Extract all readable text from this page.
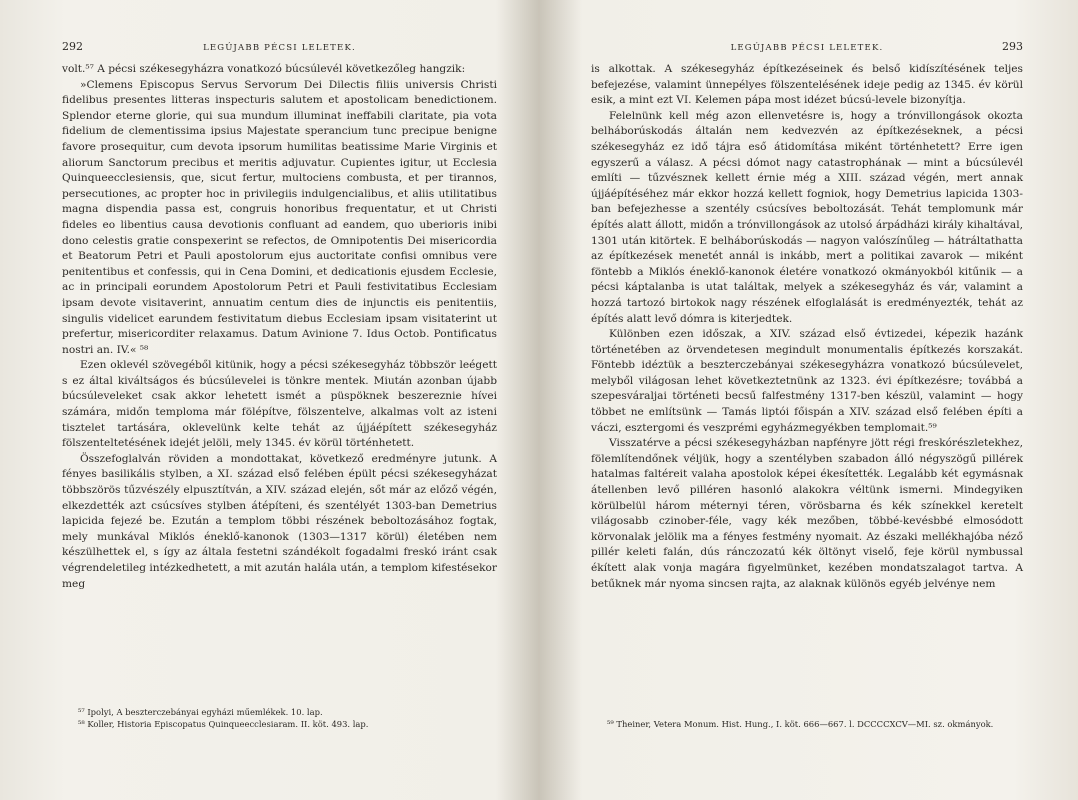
292	LEGÚJABB PÉCSI LELETEK.

volt.⁵⁷ A pécsi székesegyházra vonatkozó búcsúlevél következőleg hangzik:

»Clemens Episcopus Servus Servorum Dei Dilectis filiis universis Christi fidelibus presentes litteras inspecturis salutem et apostolicam benedictionem. Splendor eterne glorie, qui sua mundum illuminat ineffabili claritate, pia vota fidelium de clementissima ipsius Majestate sperancium tunc precipue benigne favore prosequitur, cum devota ipsorum humilitas beatissime Marie Virginis et aliorum Sanctorum precibus et meritis adjuvatur. Cupientes igitur, ut Ecclesia Quinqueecclesiensis, que, sicut fertur, multociens combusta, et per tirannos, persecutiones, ac propter hoc in privilegiis indulgencialibus, et aliis utilitatibus magna dispendia passa est, congruis honoribus frequentatur, et ut Christi fideles eo libentius causa devotionis confluant ad eandem, quo uberioris inibi dono celestis gratie conspexerint se refectos, de Omnipotentis Dei misericordia et Beatorum Petri et Pauli apostolorum ejus auctoritate confisi omnibus vere penitentibus et confessis, qui in Cena Domini, et dedicationis ejusdem Ecclesie, ac in principali eorundem Apostolorum Petri et Pauli festivitatibus Ecclesiam ipsam devote visitaverint, annuatim centum dies de injunctis eis penitentiis, singulis videlicet earundem festivitatum diebus Ecclesiam ipsam visitaterint ut prefertur, misericorditer relaxamus. Datum Avinione 7. Idus Octob. Pontificatus nostri an. IV.« ⁵⁸

Ezen oklevél szövegéből kitünik, hogy a pécsi székesegyház többször leégett s ez által kiváltságos és búcsúlevelei is tönkre mentek. Miután azonban újabb búcsúleveleket csak akkor lehetett ismét a püspöknek beszereznie hívei számára, midőn temploma már fölépítve, fölszentelve, alkalmas volt az isteni tisztelet tartására, oklevelünk kelte tehát az újjáépített székesegyház fölszenteltetésének idejét jelöli, mely 1345. év körül történhetett.

Összefoglalván röviden a mondottakat, következő eredményre jutunk. A fényes basilikális stylben, a XI. század első felében épült pécsi székesegyházat többszörös tűzvészély elpusztítván, a XIV. század elején, sőt már az előző végén, elkezdették azt csúcsíves stylben átépíteni, és szentélyét 1303-ban Demetrius lapicida fejezé be. Ezután a templom többi részének beboltozásához fogtak, mely munkával Miklós éneklő-kanonok (1303—1317 körül) életében nem készülhettek el, s így az általa festetni szándékolt fogadalmi freskó iránt csak végrendeletileg intézkedhetett, a mit azután halála után, a templom kifestésekor meg

⁵⁷ Ipolyi, A beszterczebányai egyházi műemlékek. 10. lap.
⁵⁸ Koller, Historia Episcopatus Quinqueecclesiaram. II. köt. 493. lap.
LEGÚJABB PÉCSI LELETEK.	293

is alkottak. A székesegyház építkezéseinek és belső kidíszítésének teljes befejezése, valamint ünnepélyes fölszentelésének ideje pedig az 1345. év körül esik, a mint ezt VI. Kelemen pápa most idézet búcsú-levele bizonyítja.

Felelnünk kell még azon ellenvetésre is, hogy a trónvillongások okozta belháborúskodás általán nem kedvezvén az építkezéseknek, a pécsi székesegyház ez idő tájra eső átidomítása miként történhetett? Erre igen egyszerű a válasz. A pécsi dómot nagy catastrophának — mint a búcsúlevél említi — tűzvésznek kellett érnie még a XIII. század végén, mert annak újjáépítéséhez már ekkor hozzá kellett fogniok, hogy Demetrius lapicida 1303-ban befejezhesse a szentély csúcsíves beboltozását. Tehát templomunk már építés alatt állott, midőn a trónvillongások az utolsó árpádházi király kihaltával, 1301 után kitörtek. E belháborúskodás — nagyon valószínűleg — hátráltathatta az építkezések menetét annál is inkább, mert a politikai zavarok — miként föntebb a Miklós éneklő-kanonok életére vonatkozó okmányokból kitűnik — a pécsi káptalanba is utat találtak, melyek a székesegyház és vár, valamint a hozzá tartozó birtokok nagy részének elfoglalását is eredményezték, tehát az építés alatt levő dómra is kiterjedtek.

Különben ezen időszak, a XIV. század első évtizedei, képezik hazánk történetében az örvendetesen megindult monumentalis építkezés korszakát. Föntebb idéztük a beszterczebányai székesegyházra vonatkozó búcsúlevelet, melyből világosan lehet következtetnünk az 1323. évi építkezésre; továbbá a szepesváraljai történeti becsű falfestmény 1317-ben készül, valamint — hogy többet ne említsünk — Tamás liptói főispán a XIV. század első felében építi a váczi, esztergomi és veszprémi egyházmegyékben templomait.⁵⁹

Visszatérve a pécsi székesegyházban napfényre jött régi freskórészletekhez, fölemlítendőnek véljük, hogy a szentélyben szabadon álló négyszögű pillérek hatalmas faltéreit valaha apostolok képei ékesítették. Legalább két egymásnak átellenben levő pilléren hasonló alakokra véltünk ismerni. Mindegyiken körülbelül három méternyi téren, vörösbarna és kék színekkel keretelt világosabb czinober-féle, vagy kék mezőben, többé-kevésbbé elmosódott körvonalak jelölik ma a fényes festmény nyomait. Az északi mellékhajóba néző pillér keleti falán, dús ránczozatú kék öltönyt viselő, feje körül nymbussal ékített alak vonja magára figyelmünket, kezében mondatszalagot tartva. A betűknek már nyoma sincsen rajta, az alaknak különös egyéb jelvénye nem

⁵⁹ Theiner, Vetera Monum. Hist. Hung., I. köt. 666—667. l. DCCCCXCV—MI. sz. okmányok.
